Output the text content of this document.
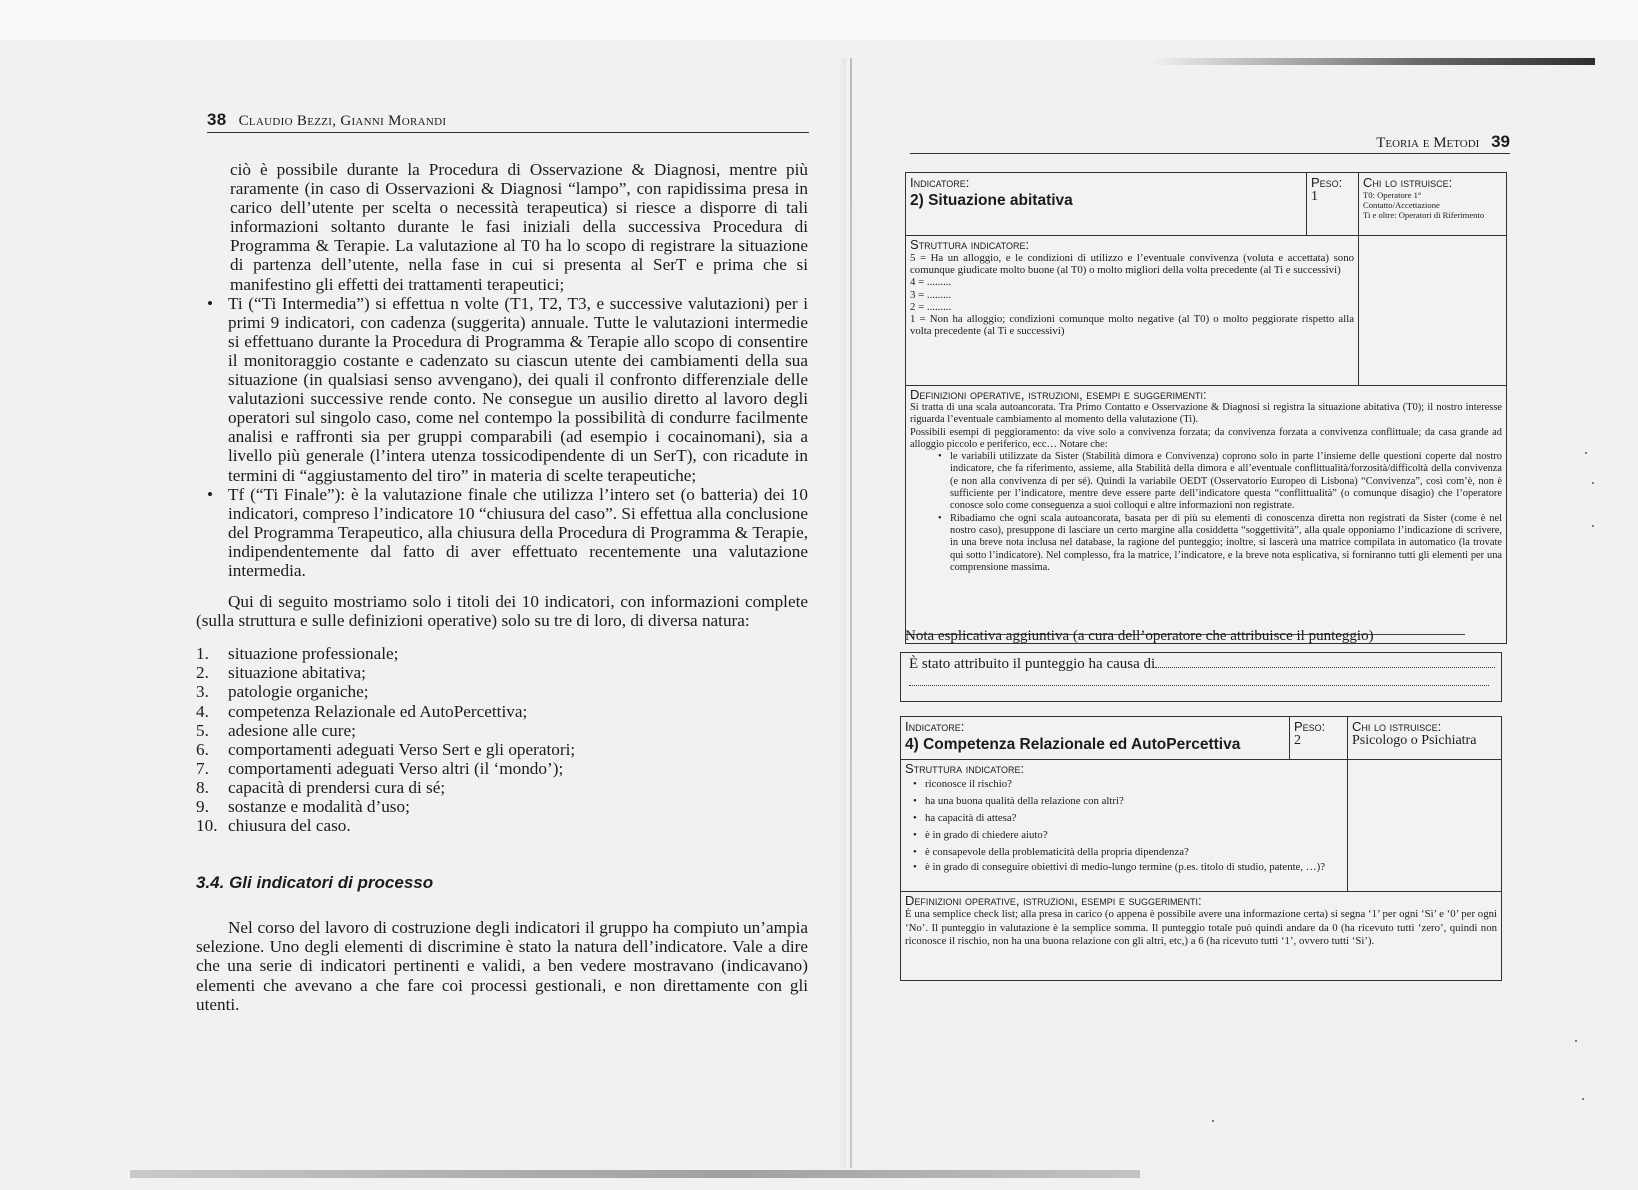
38 Claudio Bezzi, Gianni Morandi

ciò è possibile durante la Procedura di Osservazione & Diagnosi, mentre più raramente (in caso di Osservazioni & Diagnosi “lampo”, con rapidissima presa in carico dell’utente per scelta o necessità terapeutica) si riesce a disporre di tali informazioni soltanto durante le fasi iniziali della successiva Procedura di Programma & Terapie. La valutazione al T0 ha lo scopo di registrare la situazione di partenza dell’utente, nella fase in cui si presenta al SerT e prima che si manifestino gli effetti dei trattamenti terapeutici;

• Ti (“Ti Intermedia”) si effettua n volte (T1, T2, T3, e successive valutazioni) per i primi 9 indicatori, con cadenza (suggerita) annuale. Tutte le valutazioni intermedie si effettuano durante la Procedura di Programma & Terapie allo scopo di consentire il monitoraggio costante e cadenzato su ciascun utente dei cambiamenti della sua situazione (in qualsiasi senso avvengano), dei quali il confronto differenziale delle valutazioni successive rende conto. Ne consegue un ausilio diretto al lavoro degli operatori sul singolo caso, come nel contempo la possibilità di condurre facilmente analisi e raffronti sia per gruppi comparabili (ad esempio i cocainomani), sia a livello più generale (l’intera utenza tossicodipendente di un SerT), con ricadute in termini di “aggiustamento del tiro” in materia di scelte terapeutiche;

• Tf (“Ti Finale”): è la valutazione finale che utilizza l’intero set (o batteria) dei 10 indicatori, compreso l’indicatore 10 “chiusura del caso”. Si effettua alla conclusione del Programma Terapeutico, alla chiusura della Procedura di Programma & Terapie, indipendentemente dal fatto di aver effettuato recentemente una valutazione intermedia.

Qui di seguito mostriamo solo i titoli dei 10 indicatori, con informazioni complete (sulla struttura e sulle definizioni operative) solo su tre di loro, di diversa natura:

1. situazione professionale;
2. situazione abitativa;
3. patologie organiche;
4. competenza Relazionale ed AutoPercettiva;
5. adesione alle cure;
6. comportamenti adeguati Verso Sert e gli operatori;
7. comportamenti adeguati Verso altri (il ‘mondo’);
8. capacità di prendersi cura di sé;
9. sostanze e modalità d’uso;
10. chiusura del caso.

3.4. Gli indicatori di processo

Nel corso del lavoro di costruzione degli indicatori il gruppo ha compiuto un’ampia selezione. Uno degli elementi di discrimine è stato la natura dell’indicatore. Vale a dire che una serie di indicatori pertinenti e validi, a ben vedere mostravano (indicavano) elementi che avevano a che fare coi processi gestionali, e non direttamente con gli utenti.

Teoria e Metodi 39
Indicatore:
2) Situazione abitativa
Peso:
1
Chi lo istruisce:
T0: Operatore 1°
Contatto/Accettazione
Ti e oltre: Operatori di Riferimento
Struttura indicatore:

5 = Ha un alloggio, e le condizioni di utilizzo e l’eventuale convivenza (voluta e accettata) sono comunque giudicate molto buone (al T0) o molto migliori della volta precedente (al Ti e successivi)

4 = .........

3 = .........

2 = .........

1 = Non ha alloggio; condizioni comunque molto negative (al T0) o molto peggiorate rispetto alla volta precedente (al Ti e successivi)

Definizioni operative, istruzioni, esempi e suggerimenti:

Si tratta di una scala autoancorata. Tra Primo Contatto e Osservazione & Diagnosi si registra la situazione abitativa (T0); il nostro interesse riguarda l’eventuale cambiamento al momento della valutazione (Ti).

Possibili esempi di peggioramento: da vive solo a convivenza forzata; da convivenza forzata a convivenza conflittuale; da casa grande ad alloggio piccolo e periferico, ecc… Notare che:

• le variabili utilizzate da Sister (Stabilità dimora e Convivenza) coprono solo in parte l’insieme delle questioni coperte dal nostro indicatore, che fa riferimento, assieme, alla Stabilità della dimora e all’eventuale conflittualità/forzosità/difficoltà della convivenza (e non alla convivenza di per sé). Quindi la variabile OEDT (Osservatorio Europeo di Lisbona) “Convivenza”, così com’è, non è sufficiente per l’indicatore, mentre deve essere parte dell’indicatore questa “conflittualità” (o comunque disagio) che l’operatore conosce solo come conseguenza a suoi colloqui e altre informazioni non registrate.

• Ribadiamo che ogni scala autoancorata, basata per di più su elementi di conoscenza diretta non registrati da Sister (come è nel nostro caso), presuppone di lasciare un certo margine alla cosiddetta “soggettività”, alla quale opponiamo l’indicazione di scrivere, in una breve nota inclusa nel database, la ragione del punteggio; inoltre, si lascerà una matrice compilata in automatico (la trovate qui sotto l’indicatore). Nel complesso, fra la matrice, l’indicatore, e la breve nota esplicativa, si forniranno tutti gli elementi per una comprensione massima.

Nota esplicativa aggiuntiva (a cura dell’operatore che attribuisce il punteggio)
È stato attribuito il punteggio ha causa di

Indicatore:
4) Competenza Relazionale ed AutoPercettiva
Peso:
2
Chi lo istruisce:
Psicologo o Psichiatra
Struttura indicatore:

• riconosce il rischio?

• ha una buona qualità della relazione con altri?

• ha capacità di attesa?

• è in grado di chiedere aiuto?

• è consapevole della problematicità della propria dipendenza?

• è in grado di conseguire obiettivi di medio-lungo termine (p.es. titolo di studio, patente, …)?

Definizioni operative, istruzioni, esempi e suggerimenti:

È una semplice check list; alla presa in carico (o appena è possibile avere una informazione certa) si segna ‘1’ per ogni ‘Sì’ e ‘0’ per ogni ‘No’. Il punteggio in valutazione è la semplice somma. Il punteggio totale può quindi andare da 0 (ha ricevuto tutti ‘zero’, quindi non riconosce il rischio, non ha una buona relazione con gli altri, etc,) a 6 (ha ricevuto tutti ‘1’, ovvero tutti ‘Sì’).
